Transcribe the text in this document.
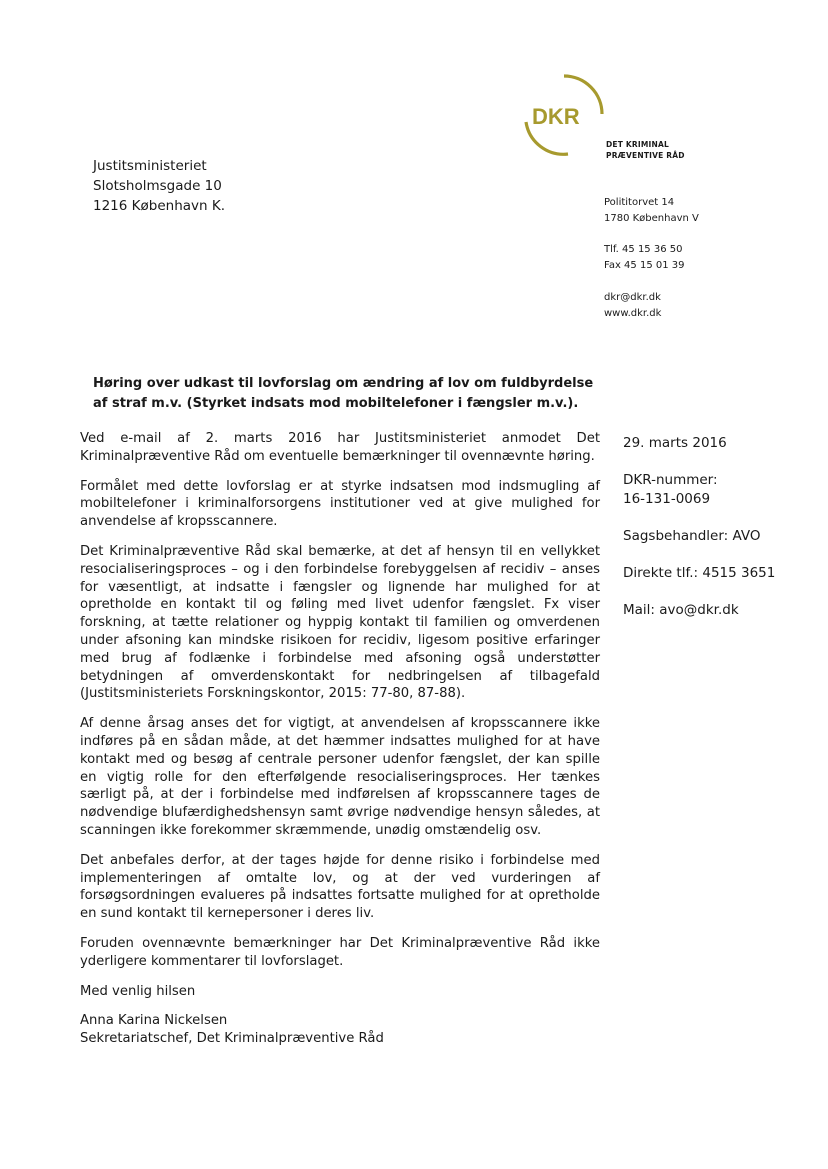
DKR
DET KRIMINAL
PRÆVENTIVE RÅD
Justitsministeriet
Slotsholmsgade 10
1216 København K.	Polititorvet 14
1780 København V
Tlf. 45 15 36 50
Fax 45 15 01 39
dkr@dkr.dk
www.dkr.dk
Høring over udkast til lovforslag om ændring af lov om fuldbyrdelse
af straf m.v. (Styrket indsats mod mobiltelefoner i fængsler m.v.).

Ved e-mail af 2. marts 2016 har Justitsministeriet anmodet Det Kriminalpræventive Råd om eventuelle bemærkninger til ovennævnte høring.

Formålet med dette lovforslag er at styrke indsatsen mod indsmugling af mobiltelefoner i kriminalforsorgens institutioner ved at give mulighed for anvendelse af kropsscannere.

Det Kriminalpræventive Råd skal bemærke, at det af hensyn til en vellykket resocialiseringsproces – og i den forbindelse forebyggelsen af recidiv – anses for væsentligt, at indsatte i fængsler og lignende har mulighed for at opretholde en kontakt til og føling med livet udenfor fængslet. Fx viser forskning, at tætte relationer og hyppig kontakt til familien og omverdenen under afsoning kan mindske risikoen for recidiv, ligesom positive erfaringer med brug af fodlænke i forbindelse med afsoning også understøtter betydningen af omverdenskontakt for nedbringelsen af tilbagefald (Justitsministeriets Forskningskontor, 2015: 77-80, 87-88).

Af denne årsag anses det for vigtigt, at anvendelsen af kropsscannere ikke indføres på en sådan måde, at det hæmmer indsattes mulighed for at have kontakt med og besøg af centrale personer udenfor fængslet, der kan spille en vigtig rolle for den efterfølgende resocialiseringsproces. Her tænkes særligt på, at der i forbindelse med indførelsen af kropsscannere tages de nødvendige blufærdighedshensyn samt øvrige nødvendige hensyn således, at scanningen ikke forekommer skræmmende, unødig omstændelig osv.

Det anbefales derfor, at der tages højde for denne risiko i forbindelse med implementeringen af omtalte lov, og at der ved vurderingen af forsøgsordningen evalueres på indsattes fortsatte mulighed for at opretholde en sund kontakt til kernepersoner i deres liv.

Foruden ovennævnte bemærkninger har Det Kriminalpræventive Råd ikke yderligere kommentarer til lovforslaget.

Med venlig hilsen

Anna Karina Nickelsen

Sekretariatschef, Det Kriminalpræventive Råd

29. marts 2016
DKR-nummer:
16-131-0069
Sagsbehandler: AVO
Direkte tlf.: 4515 3651
Mail: avo@dkr.dk
